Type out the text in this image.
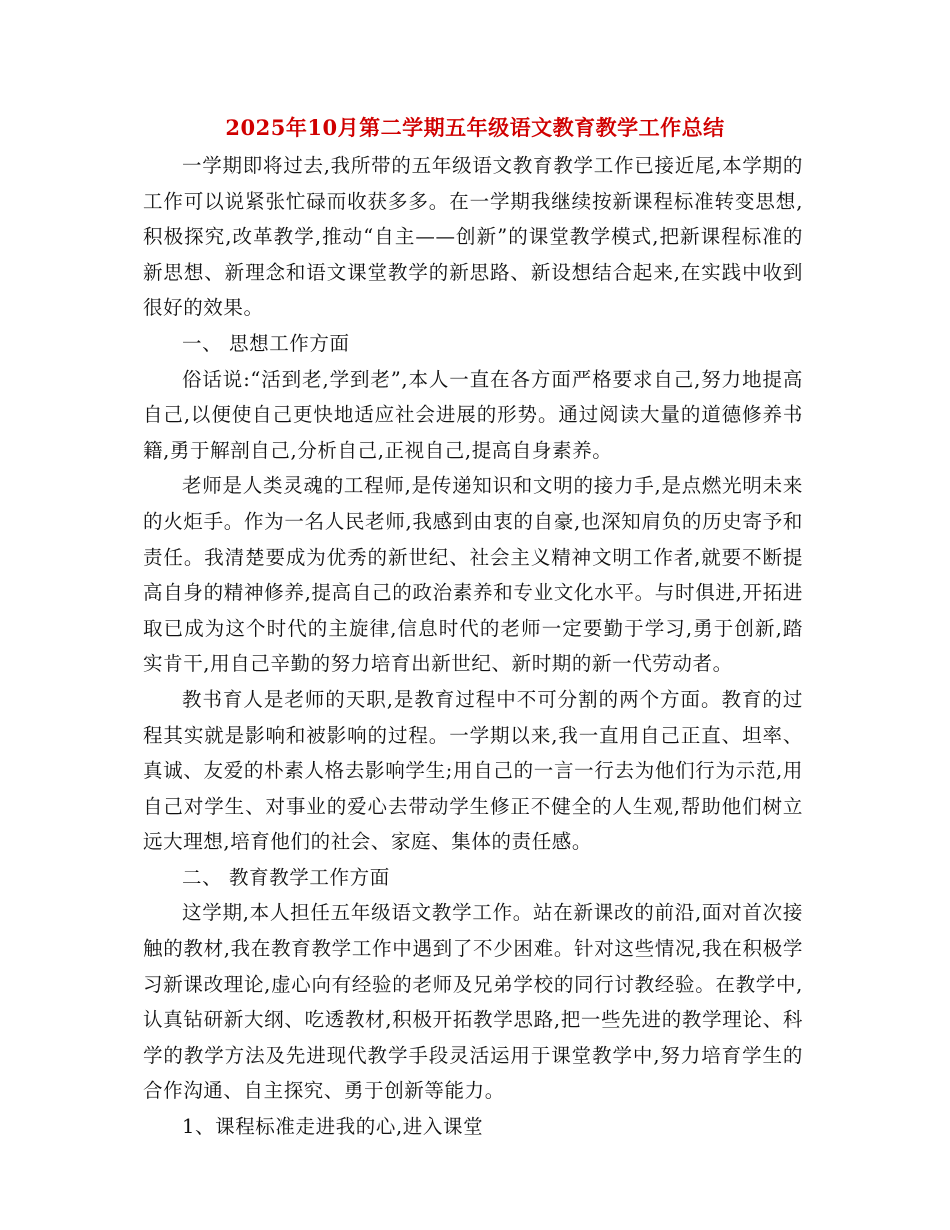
2025年10月第二学期五年级语文教育教学工作总结

一学期即将过去,我所带的五年级语文教育教学工作已接近尾,本学期的工作可以说紧张忙碌而收获多多。在一学期我继续按新课程标准转变思想,积极探究,改革教学,推动“自主——创新”的课堂教学模式,把新课程标准的新思想、新理念和语文课堂教学的新思路、新设想结合起来,在实践中收到很好的效果。

一、 思想工作方面

俗话说:“活到老,学到老”,本人一直在各方面严格要求自己,努力地提高自己,以便使自己更快地适应社会进展的形势。通过阅读大量的道德修养书籍,勇于解剖自己,分析自己,正视自己,提高自身素养。

老师是人类灵魂的工程师,是传递知识和文明的接力手,是点燃光明未来的火炬手。作为一名人民老师,我感到由衷的自豪,也深知肩负的历史寄予和责任。我清楚要成为优秀的新世纪、社会主义精神文明工作者,就要不断提高自身的精神修养,提高自己的政治素养和专业文化水平。与时俱进,开拓进取已成为这个时代的主旋律,信息时代的老师一定要勤于学习,勇于创新,踏实肯干,用自己辛勤的努力培育出新世纪、新时期的新一代劳动者。

教书育人是老师的天职,是教育过程中不可分割的两个方面。教育的过程其实就是影响和被影响的过程。一学期以来,我一直用自己正直、坦率、真诚、友爱的朴素人格去影响学生;用自己的一言一行去为他们行为示范,用自己对学生、对事业的爱心去带动学生修正不健全的人生观,帮助他们树立远大理想,培育他们的社会、家庭、集体的责任感。

二、 教育教学工作方面

这学期,本人担任五年级语文教学工作。站在新课改的前沿,面对首次接触的教材,我在教育教学工作中遇到了不少困难。针对这些情况,我在积极学习新课改理论,虚心向有经验的老师及兄弟学校的同行讨教经验。在教学中,认真钻研新大纲、吃透教材,积极开拓教学思路,把一些先进的教学理论、科学的教学方法及先进现代教学手段灵活运用于课堂教学中,努力培育学生的合作沟通、自主探究、勇于创新等能力。

1、课程标准走进我的心,进入课堂
